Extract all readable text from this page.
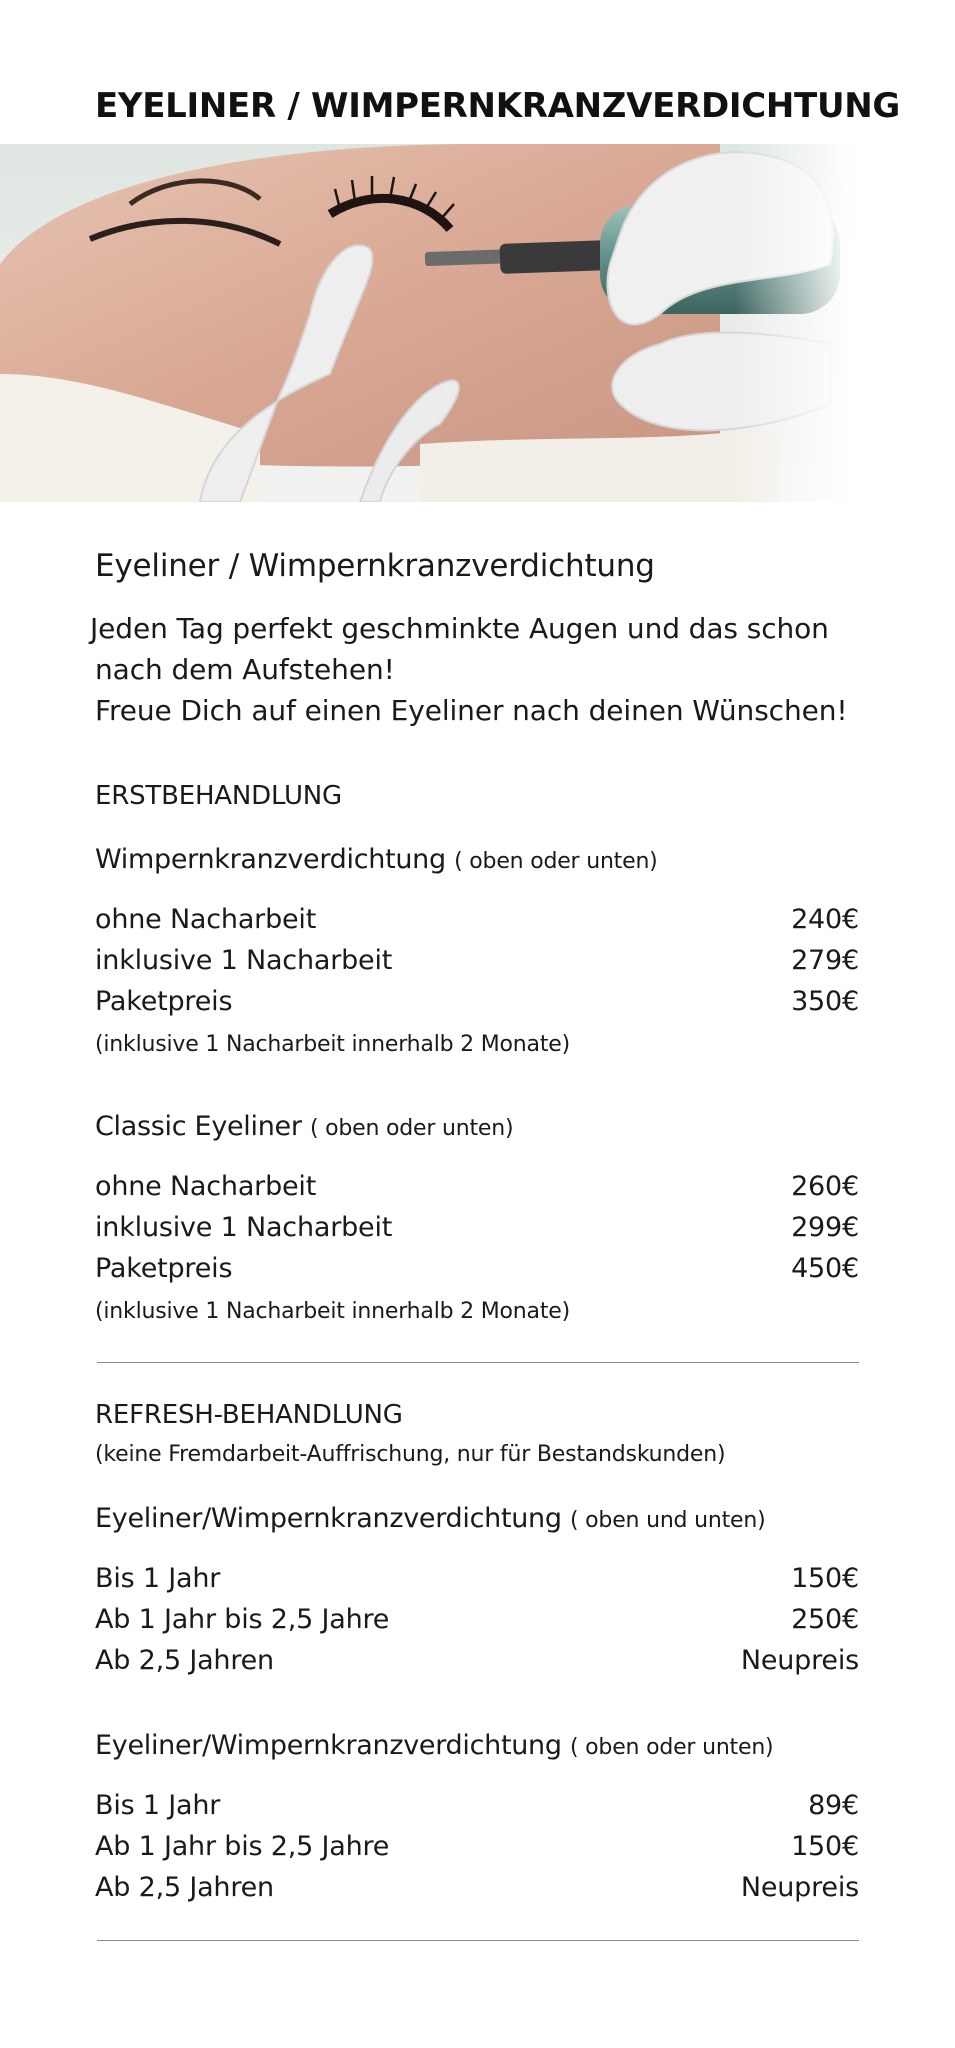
EYELINER / WIMPERNKRANZVERDICHTUNG
Eyeliner / Wimpernkranzverdichtung
Jeden Tag perfekt geschminkte Augen und das schon
nach dem Aufstehen!
Freue Dich auf einen Eyeliner nach deinen Wünschen!
ERSTBEHANDLUNG
Wimpernkranzverdichtung ( oben oder unten)
ohne Nacharbeit	240€
inklusive 1 Nacharbeit	279€
Paketpreis	350€
(inklusive 1 Nacharbeit innerhalb 2 Monate)
Classic Eyeliner ( oben oder unten)
ohne Nacharbeit	260€
inklusive 1 Nacharbeit	299€
Paketpreis	450€
(inklusive 1 Nacharbeit innerhalb 2 Monate)
REFRESH-BEHANDLUNG
(keine Fremdarbeit-Auffrischung, nur für Bestandskunden)
Eyeliner/Wimpernkranzverdichtung ( oben und unten)
Bis 1 Jahr	150€
Ab 1 Jahr bis 2,5 Jahre	250€
Ab 2,5 Jahren	Neupreis
Eyeliner/Wimpernkranzverdichtung ( oben oder unten)
Bis 1 Jahr	89€
Ab 1 Jahr bis 2,5 Jahre	150€
Ab 2,5 Jahren	Neupreis
